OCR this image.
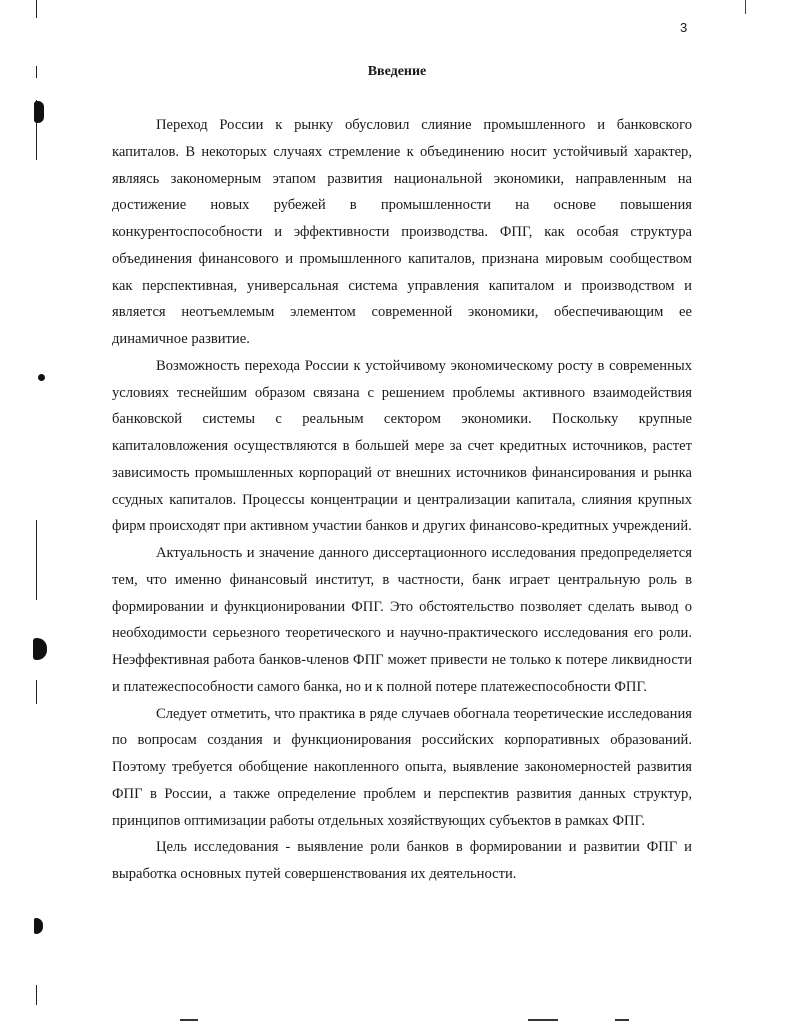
3
Введение

Переход России к рынку обусловил слияние промышленного и банковского капиталов. В некоторых случаях стремление к объединению носит устойчивый характер, являясь закономерным этапом развития национальной экономики, направленным на достижение новых рубежей в промышленности на основе повышения конкурентоспособности и эффективности производства. ФПГ, как особая структура объединения финансового и промышленного капиталов, признана мировым сообществом как перспективная, универсальная система управления капиталом и производством и является неотъемлемым элементом современной экономики, обеспечивающим ее динамичное развитие.

Возможность перехода России к устойчивому экономическому росту в современных условиях теснейшим образом связана с решением проблемы активного взаимодействия банковской системы с реальным сектором экономики. Поскольку крупные капиталовложения осуществляются в большей мере за счет кредитных источников, растет зависимость промышленных корпораций от внешних источников финансирования и рынка ссудных капиталов. Процессы концентрации и централизации капитала, слияния крупных фирм происходят при активном участии банков и других финансово-кредитных учреждений.

Актуальность и значение данного диссертационного исследования предопределяется тем, что именно финансовый институт, в частности, банк играет центральную роль в формировании и функционировании ФПГ. Это обстоятельство позволяет сделать вывод о необходимости серьезного теоретического и научно-практического исследования его роли. Неэффективная работа банков-членов ФПГ может привести не только к потере ликвидности и платежеспособности самого банка, но и к полной потере платежеспособности ФПГ.

Следует отметить, что практика в ряде случаев обогнала теоретические исследования по вопросам создания и функционирования российских корпоративных образований. Поэтому требуется обобщение накопленного опыта, выявление закономерностей развития ФПГ в России, а также определение проблем и перспектив развития данных структур, принципов оптимизации работы отдельных хозяйствующих субъектов в рамках ФПГ.

Цель исследования - выявление роли банков в формировании и развитии ФПГ и выработка основных путей совершенствования их деятельности.
